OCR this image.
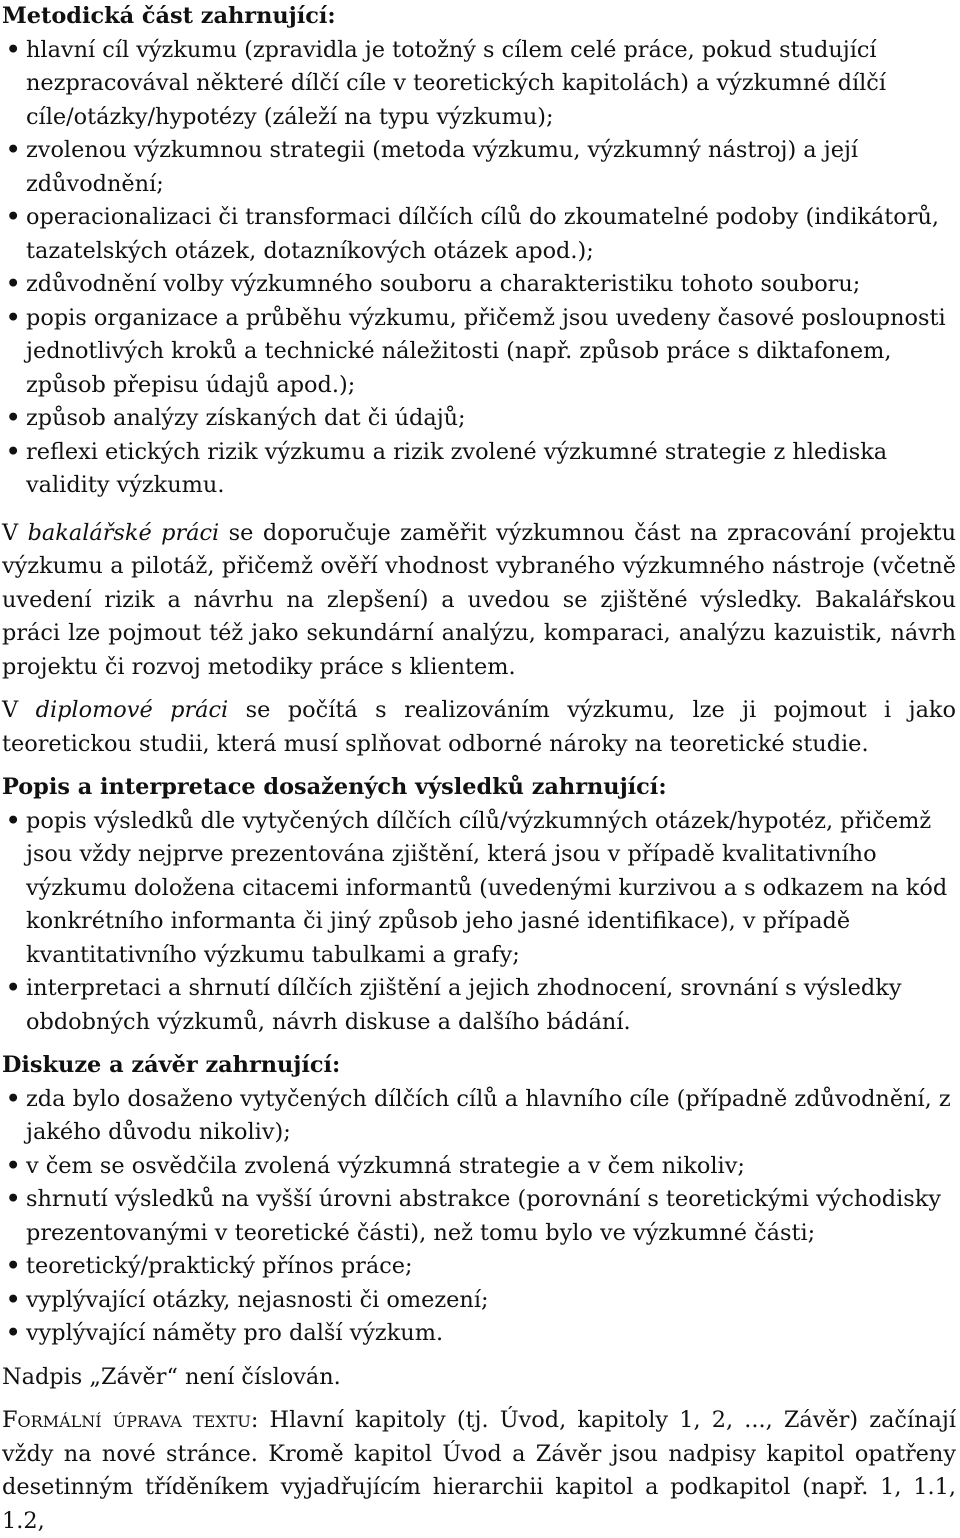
Metodická část zahrnující:
• hlavní cíl výzkumu (zpravidla je totožný s cílem celé práce, pokud studující nezpracovával některé dílčí cíle v teoretických kapitolách) a výzkumné dílčí cíle/otázky/hypotézy (záleží na typu výzkumu);
• zvolenou výzkumnou strategii (metoda výzkumu, výzkumný nástroj) a její zdůvodnění;
• operacionalizaci či transformaci dílčích cílů do zkoumatelné podoby (indikátorů, tazatelských otázek, dotazníkových otázek apod.);
• zdůvodnění volby výzkumného souboru a charakteristiku tohoto souboru;
• popis organizace a průběhu výzkumu, přičemž jsou uvedeny časové posloupnosti jednotlivých kroků a technické náležitosti (např. způsob práce s diktafonem, způsob přepisu údajů apod.);
• způsob analýzy získaných dat či údajů;
• reflexi etických rizik výzkumu a rizik zvolené výzkumné strategie z hlediska validity výzkumu.

V bakalářské práci se doporučuje zaměřit výzkumnou část na zpracování projektu výzkumu a pilotáž, přičemž ověří vhodnost vybraného výzkumného nástroje (včetně uvedení rizik a návrhu na zlepšení) a uvedou se zjištěné výsledky. Bakalářskou práci lze pojmout též jako sekundární analýzu, komparaci, analýzu kazuistik, návrh projektu či rozvoj metodiky práce s klientem.

V diplomové práci se počítá s realizováním výzkumu, lze ji pojmout i jako teoretickou studii, která musí splňovat odborné nároky na teoretické studie.

Popis a interpretace dosažených výsledků zahrnující:
• popis výsledků dle vytyčených dílčích cílů/výzkumných otázek/hypotéz, přičemž jsou vždy nejprve prezentována zjištění, která jsou v případě kvalitativního výzkumu doložena citacemi informantů (uvedenými kurzivou a s odkazem na kód konkrétního informanta či jiný způsob jeho jasné identifikace), v případě kvantitativního výzkumu tabulkami a grafy;
• interpretaci a shrnutí dílčích zjištění a jejich zhodnocení, srovnání s výsledky obdobných výzkumů, návrh diskuse a dalšího bádání.
Diskuze a závěr zahrnující:
• zda bylo dosaženo vytyčených dílčích cílů a hlavního cíle (případně zdůvodnění, z jakého důvodu nikoliv);
• v čem se osvědčila zvolená výzkumná strategie a v čem nikoliv;
• shrnutí výsledků na vyšší úrovni abstrakce (porovnání s teoretickými východisky prezentovanými v teoretické části), než tomu bylo ve výzkumné části;
• teoretický/praktický přínos práce;
• vyplývající otázky, nejasnosti či omezení;
• vyplývající náměty pro další výzkum.

Nadpis „Závěr“ není číslován.

Formální úprava textu: Hlavní kapitoly (tj. Úvod, kapitoly 1, 2, ..., Závěr) začínají vždy na nové stránce. Kromě kapitol Úvod a Závěr jsou nadpisy kapitol opatřeny desetinným tříděníkem vyjadřujícím hierarchii kapitol a podkapitol (např. 1, 1.1, 1.2,
